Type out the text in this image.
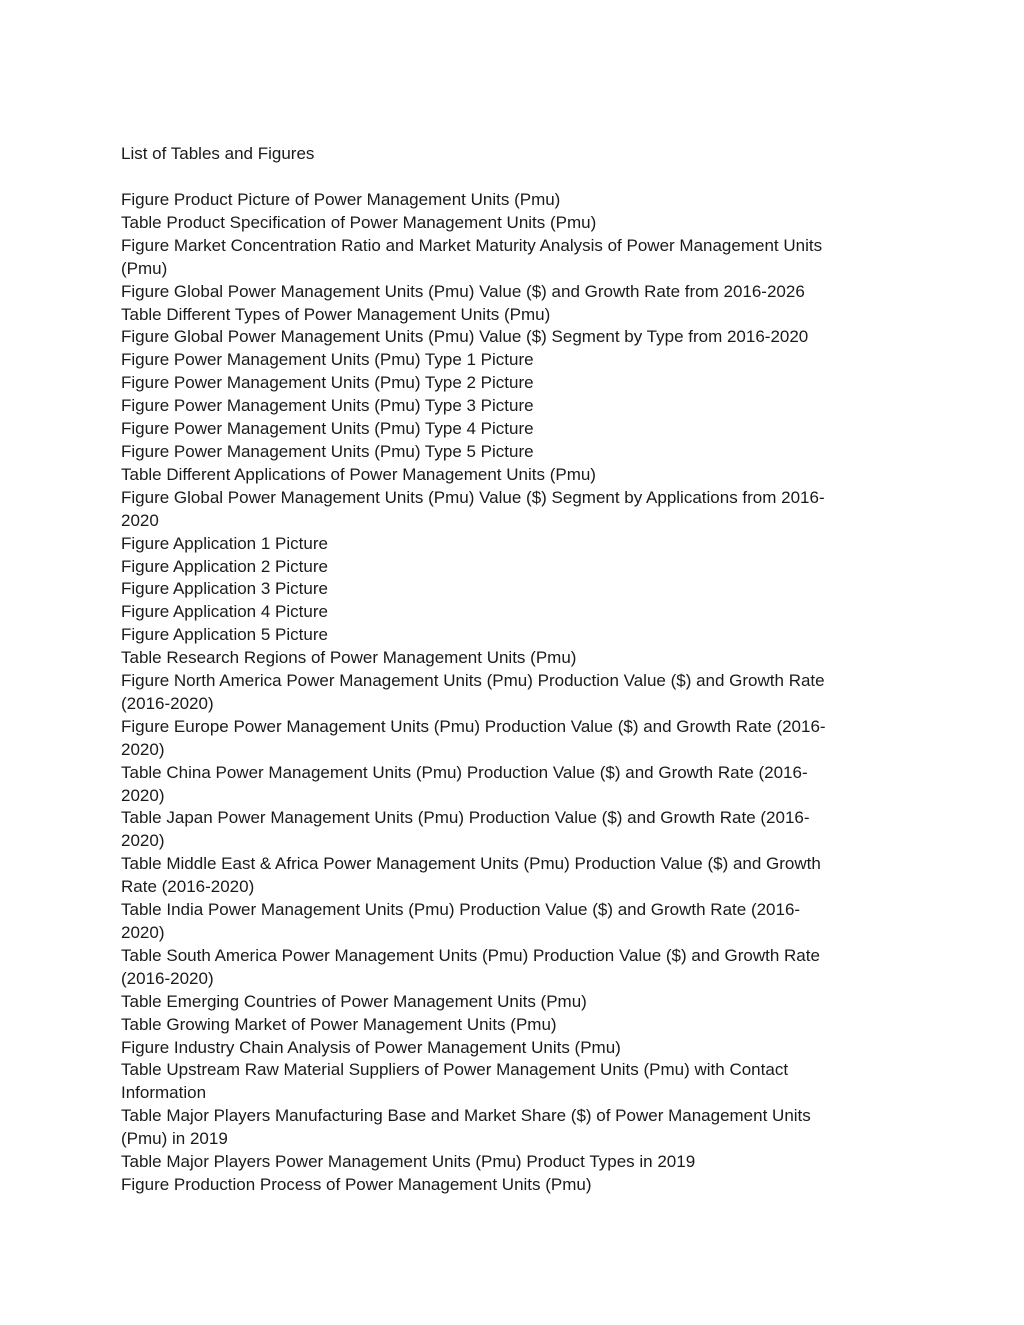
List of Tables and Figures
Figure Product Picture of Power Management Units (Pmu)
Table Product Specification of Power Management Units (Pmu)
Figure Market Concentration Ratio and Market Maturity Analysis of Power Management Units
(Pmu)
Figure Global Power Management Units (Pmu) Value ($) and Growth Rate from 2016-2026
Table Different Types of Power Management Units (Pmu)
Figure Global Power Management Units (Pmu) Value ($) Segment by Type from 2016-2020
Figure Power Management Units (Pmu) Type 1 Picture
Figure Power Management Units (Pmu) Type 2 Picture
Figure Power Management Units (Pmu) Type 3 Picture
Figure Power Management Units (Pmu) Type 4 Picture
Figure Power Management Units (Pmu) Type 5 Picture
Table Different Applications of Power Management Units (Pmu)
Figure Global Power Management Units (Pmu) Value ($) Segment by Applications from 2016-
2020
Figure Application 1 Picture
Figure Application 2 Picture
Figure Application 3 Picture
Figure Application 4 Picture
Figure Application 5 Picture
Table Research Regions of Power Management Units (Pmu)
Figure North America Power Management Units (Pmu) Production Value ($) and Growth Rate
(2016-2020)
Figure Europe Power Management Units (Pmu) Production Value ($) and Growth Rate (2016-
2020)
Table China Power Management Units (Pmu) Production Value ($) and Growth Rate (2016-
2020)
Table Japan Power Management Units (Pmu) Production Value ($) and Growth Rate (2016-
2020)
Table Middle East & Africa Power Management Units (Pmu) Production Value ($) and Growth
Rate (2016-2020)
Table India Power Management Units (Pmu) Production Value ($) and Growth Rate (2016-
2020)
Table South America Power Management Units (Pmu) Production Value ($) and Growth Rate
(2016-2020)
Table Emerging Countries of Power Management Units (Pmu)
Table Growing Market of Power Management Units (Pmu)
Figure Industry Chain Analysis of Power Management Units (Pmu)
Table Upstream Raw Material Suppliers of Power Management Units (Pmu) with Contact
Information
Table Major Players Manufacturing Base and Market Share ($) of Power Management Units
(Pmu) in 2019
Table Major Players Power Management Units (Pmu) Product Types in 2019
Figure Production Process of Power Management Units (Pmu)
